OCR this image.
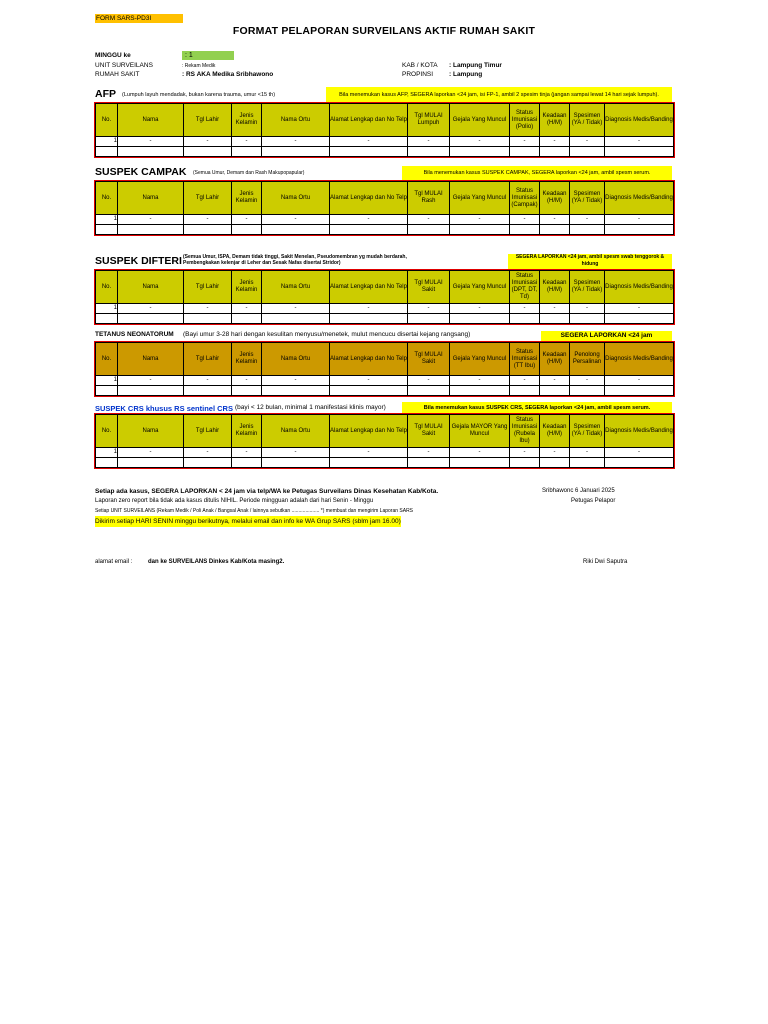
FORM SARS-PD3I
FORMAT PELAPORAN SURVEILANS AKTIF RUMAH SAKIT
MINGGU ke	: 1
UNIT SURVEILANS	: Rekam Medik
RUMAH SAKIT	: RS AKA Medika Sribhawono
KAB / KOTA : Lampung Timur
PROPINSI : Lampung
AFP (Lumpuh layuh mendadak, bukan karena trauma, umur <15 th)	Bila menemukan kasus AFP, SEGERA laporkan <24 jam, isi FP-1, ambil 2 spesim tinja (jangan sampai lewat 14 hari sejak lumpuh).
No.	Nama	Tgl Lahir	Jenis Kelamin	Nama Ortu	Alamat Lengkap dan No Telp	Tgl MULAI Lumpuh	Gejala Yang Muncul	Status Imunisasi (Polio)	Keadaan (H/M)	Spesimen (YA / Tidak)	Diagnosis Medis/Banding
1	-	-	-	-	-	-	-	-	-	-	-

SUSPEK CAMPAK (Semua Umur, Demam dan Rash Makupopapular)	Bila menemukan kasus SUSPEK CAMPAK, SEGERA laporkan <24 jam, ambil spesm serum.
No.	Nama	Tgl Lahir	Jenis Kelamin	Nama Ortu	Alamat Lengkap dan No Telp	Tgl MULAI Rash	Gejala Yang Muncul	Status Imunisasi (Campak)	Keadaan (H/M)	Spesimen (YA / Tidak)	Diagnosis Medis/Banding
1	-	-	-	-	-	-	-	-	-	-	-

SUSPEK DIFTERI (Semua Umur, ISPA, Demam tidak tinggi, Sakit Menelan, Pseudomembran yg mudah berdarah, Pembengkakan kelenjar di Leher dan Sesak Nafas disertai Stridor)
SEGERA LAPORKAN <24 jam, ambil spesm swab tenggorok & hidung
No.	Nama	Tgl Lahir	Jenis Kelamin	Nama Ortu	Alamat Lengkap dan No Telp	Tgl MULAI Sakit	Gejala Yang Muncul	Status Imunisasi (DPT, DT, Td)	Keadaan (H/M)	Spesimen (YA / Tidak)	Diagnosis Medis/Banding
1	-	-	-	-	-	-	-	-	-	-	-

TETANUS NEONATORUM (Bayi umur 3-28 hari dengan kesulitan menyusu/menetek, mulut mencucu disertai kejang rangsang)	SEGERA LAPORKAN <24 jam
No.	Nama	Tgl Lahir	Jenis Kelamin	Nama Ortu	Alamat Lengkap dan No Telp	Tgl MULAI Sakit	Gejala Yang Muncul	Status Imunisasi (TT Ibu)	Keadaan (H/M)	Penolong Persalinan	Diagnosis Medis/Banding
1	-	-	-	-	-	-	-	-	-	-	-

SUSPEK CRS khusus RS sentinel CRS (bayi < 12 bulan, minimal 1 manifestasi klinis mayor)	Bila menemukan kasus SUSPEK CRS, SEGERA laporkan <24 jam, ambil spesm serum.
No.	Nama	Tgl Lahir	Jenis Kelamin	Nama Ortu	Alamat Lengkap dan No Telp	Tgl MULAI Sakit	Gejala MAYOR Yang Muncul	Status Imunisasi (Rubela Ibu)	Keadaan (H/M)	Spesimen (YA / Tidak)	Diagnosis Medis/Banding
1	-	-	-	-	-	-	-	-	-	-	-

Setiap ada kasus, SEGERA LAPORKAN < 24 jam via telp/WA ke Petugas Surveilans Dinas Kesehatan Kab/Kota.
Laporan zero report bila tidak ada kasus ditulis NIHIL. Periode mingguan adalah dari hari Senin - Minggu
Setiap UNIT SURVEILANS (Rekam Medik / Poli Anak / Bangsal Anak / lainnya sebutkan .................... *) membuat dan mengirim Laporan SARS
Dikirim setiap HARI SENIN minggu berikutnya, melalui email dan info ke WA Grup SARS (sblm jam 16.00)
alamat email :	dan ke SURVEILANS Dinkes Kab/Kota masing2.
Sribhawonc 6 Januari 2025
Petugas Pelapor
Riki Dwi Saputra
